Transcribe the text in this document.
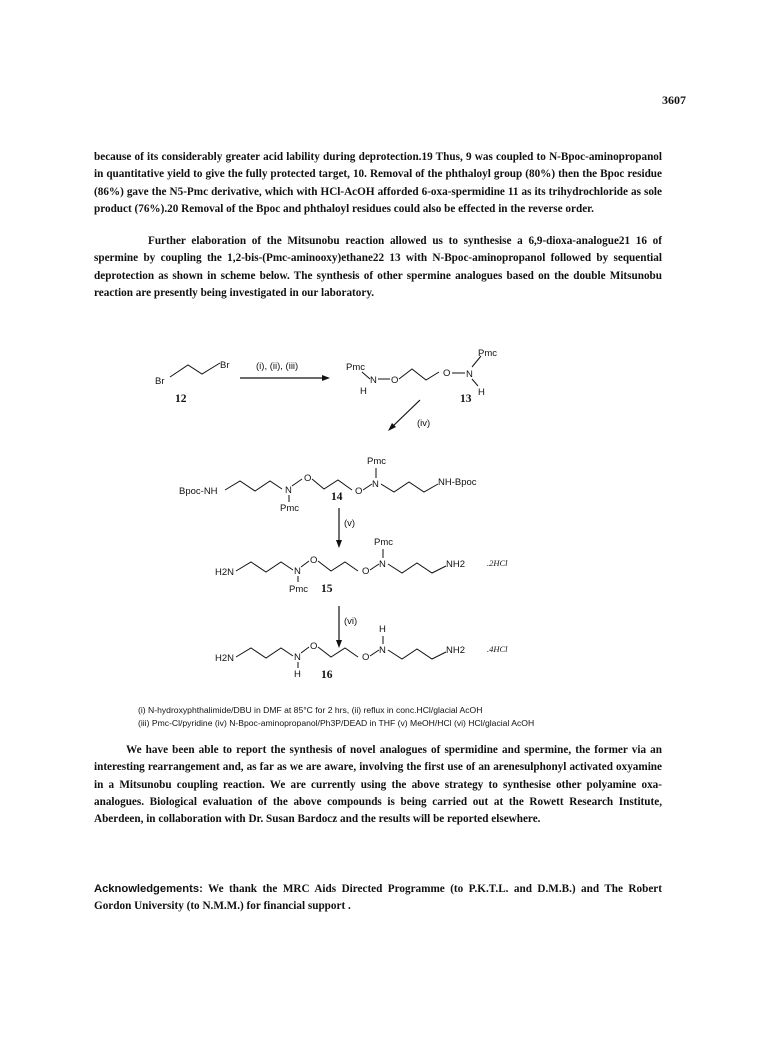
3607
because of its considerably greater acid lability during deprotection.19 Thus, 9 was coupled to N-Bpoc-aminopropanol in quantitative yield to give the fully protected target, 10. Removal of the phthaloyl group (80%) then the Bpoc residue (86%) gave the N5-Pmc derivative, which with HCl-AcOH afforded 6-oxa-spermidine 11 as its trihydrochloride as sole product (76%).20 Removal of the Bpoc and phthaloyl residues could also be effected in the reverse order.
Further elaboration of the Mitsunobu reaction allowed us to synthesise a 6,9-dioxa-analogue21 16 of spermine by coupling the 1,2-bis-(Pmc-aminooxy)ethane22 13 with N-Bpoc-aminopropanol followed by sequential deprotection as shown in scheme below. The synthesis of other spermine analogues based on the double Mitsunobu reaction are presently being investigated in our laboratory.
Br
Br
12
(i), (ii), (iii)	Pmc
N
H
O
O N
Pmc
H
13
(iv)
Bpoc-NH	N
Pmc
O
O
N
Pmc
NH-Bpoc
14
(v)
H2N	N
Pmc
O
O
N
Pmc
NH2	.2HCl
15
(vi)
H2N	N
H
O
O
N
H
NH2	.4HCl
16
(i) N-hydroxyphthalimide/DBU in DMF at 85°C for 2 hrs, (ii) reflux in conc.HCl/glacial AcOH
(iii) Pmc-Cl/pyridine (iv) N-Bpoc-aminopropanol/Ph3P/DEAD in THF (v) MeOH/HCl (vi) HCl/glacial AcOH
We have been able to report the synthesis of novel analogues of spermidine and spermine, the former via an interesting rearrangement and, as far as we are aware, involving the first use of an arenesulphonyl activated oxyamine in a Mitsunobu coupling reaction. We are currently using the above strategy to synthesise other polyamine oxa-analogues. Biological evaluation of the above compounds is being carried out at the Rowett Research Institute, Aberdeen, in collaboration with Dr. Susan Bardocz and the results will be reported elsewhere.
Acknowledgements: We thank the MRC Aids Directed Programme (to P.K.T.L. and D.M.B.) and The Robert Gordon University (to N.M.M.) for financial support .
